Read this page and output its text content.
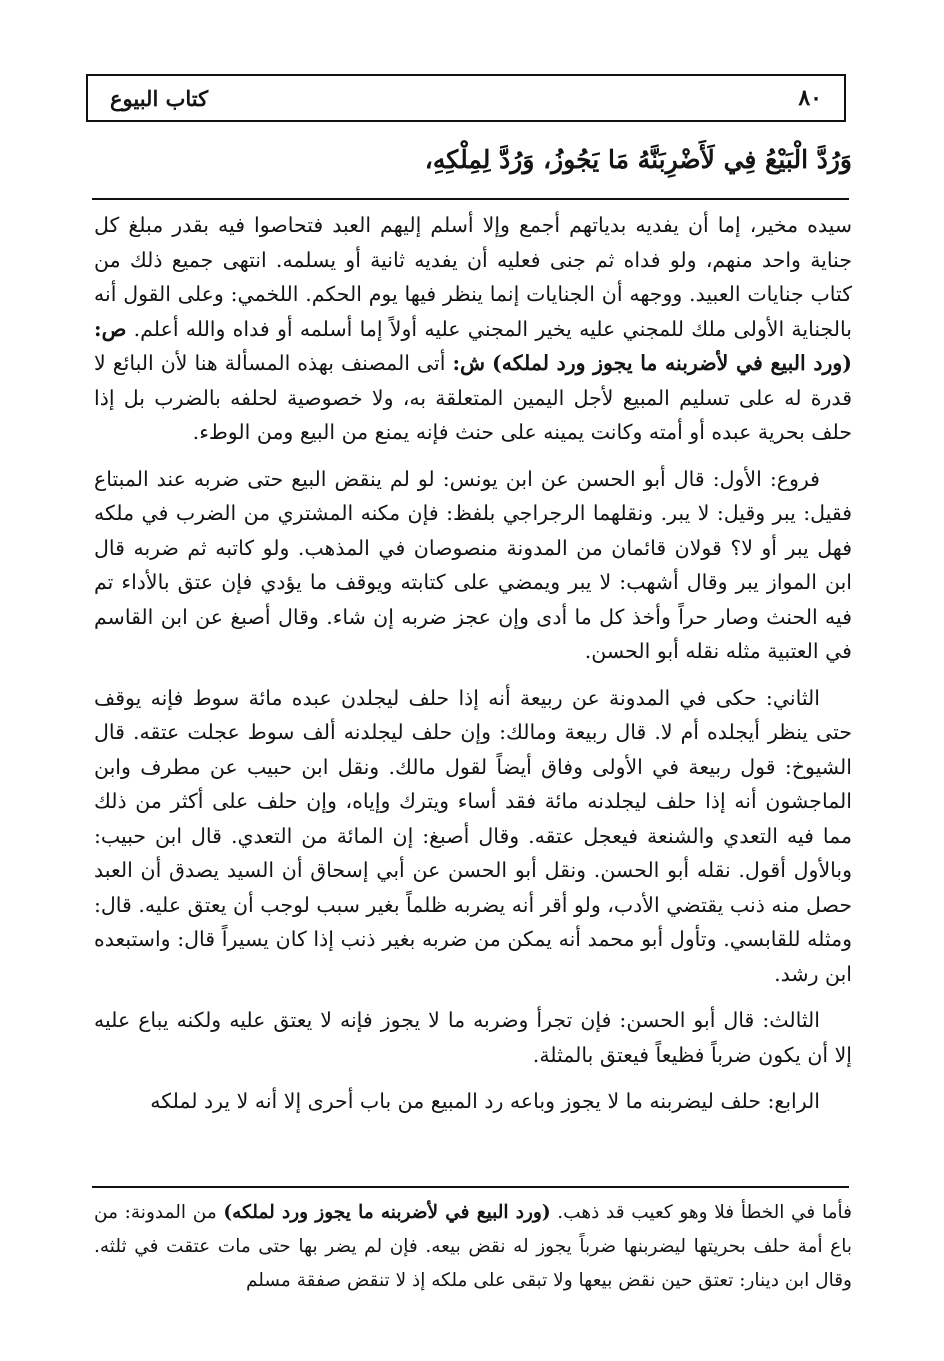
٨٠
كتاب البيوع
وَرُدَّ الْبَيْعُ فِي لَأَضْرِبَنَّهُ مَا يَجُوزُ، وَرُدَّ لِمِلْكِهِ،

سيده مخير، إما أن يفديه بدياتهم أجمع وإلا أسلم إليهم العبد فتحاصوا فيه بقدر مبلغ كل جناية واحد منهم، ولو فداه ثم جنى فعليه أن يفديه ثانية أو يسلمه. انتهى جميع ذلك من كتاب جنايات العبيد. ووجهه أن الجنايات إنما ينظر فيها يوم الحكم. اللخمي: وعلى القول أنه بالجناية الأولى ملك للمجني عليه يخير المجني عليه أولاً إما أسلمه أو فداه والله أعلم. ص: (ورد البيع في لأضربنه ما يجوز ورد لملكه) ش: أتى المصنف بهذه المسألة هنا لأن البائع لا قدرة له على تسليم المبيع لأجل اليمين المتعلقة به، ولا خصوصية لحلفه بالضرب بل إذا حلف بحرية عبده أو أمته وكانت يمينه على حنث فإنه يمنع من البيع ومن الوطء.

فروع: الأول: قال أبو الحسن عن ابن يونس: لو لم ينقض البيع حتى ضربه عند المبتاع فقيل: يبر وقيل: لا يبر. ونقلهما الرجراجي بلفظ: فإن مكنه المشتري من الضرب في ملكه فهل يبر أو لا؟ قولان قائمان من المدونة منصوصان في المذهب. ولو كاتبه ثم ضربه قال ابن المواز يبر وقال أشهب: لا يبر ويمضي على كتابته ويوقف ما يؤدي فإن عتق بالأداء تم فيه الحنث وصار حراً وأخذ كل ما أدى وإن عجز ضربه إن شاء. وقال أصبغ عن ابن القاسم في العتبية مثله نقله أبو الحسن.

الثاني: حكى في المدونة عن ربيعة أنه إذا حلف ليجلدن عبده مائة سوط فإنه يوقف حتى ينظر أيجلده أم لا. قال ربيعة ومالك: وإن حلف ليجلدنه ألف سوط عجلت عتقه. قال الشيوخ: قول ربيعة في الأولى وفاق أيضاً لقول مالك. ونقل ابن حبيب عن مطرف وابن الماجشون أنه إذا حلف ليجلدنه مائة فقد أساء ويترك وإياه، وإن حلف على أكثر من ذلك مما فيه التعدي والشنعة فيعجل عتقه. وقال أصبغ: إن المائة من التعدي. قال ابن حبيب: وبالأول أقول. نقله أبو الحسن. ونقل أبو الحسن عن أبي إسحاق أن السيد يصدق أن العبد حصل منه ذنب يقتضي الأدب، ولو أقر أنه يضربه ظلماً بغير سبب لوجب أن يعتق عليه. قال: ومثله للقابسي. وتأول أبو محمد أنه يمكن من ضربه بغير ذنب إذا كان يسيراً قال: واستبعده ابن رشد.

الثالث: قال أبو الحسن: فإن تجرأ وضربه ما لا يجوز فإنه لا يعتق عليه ولكنه يباع عليه إلا أن يكون ضرباً فظيعاً فيعتق بالمثلة.

الرابع: حلف ليضربنه ما لا يجوز وباعه رد المبيع من باب أحرى إلا أنه لا يرد لملكه

فأما في الخطأ فلا وهو كعيب قد ذهب. (ورد البيع في لأضربنه ما يجوز ورد لملكه) من المدونة: من باع أمة حلف بحريتها ليضربنها ضرباً يجوز له نقض بيعه. فإن لم يضر بها حتى مات عتقت في ثلثه. وقال ابن دينار: تعتق حين نقض بيعها ولا تبقى على ملكه إذ لا تنقض صفقة مسلم
